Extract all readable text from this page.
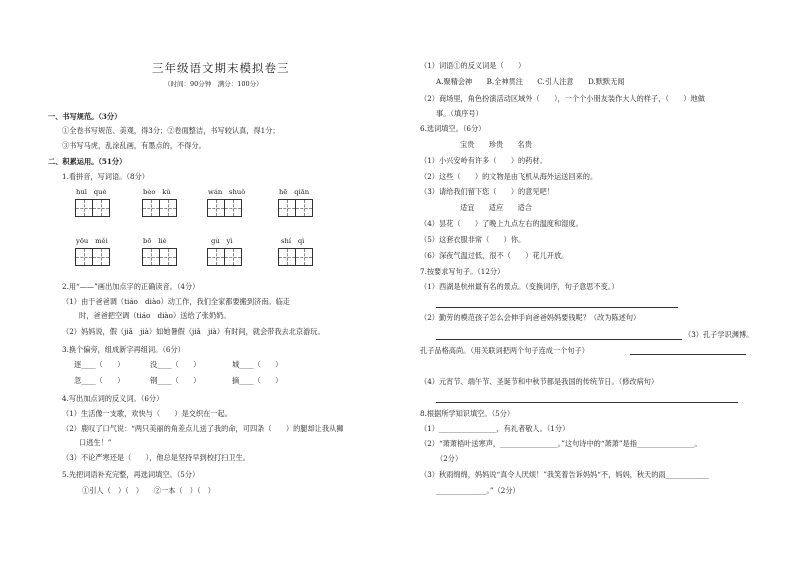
三年级语文期末模拟卷三
（时间：90分钟　满分：100分）
一、书写规范。（3分）
①全卷书写规范、美观，得3分；②卷面整洁，书写较认真，得1分；
③书写马虎，乱涂乱画，有墨点的，不得分。
二、积累运用。（51分）
1.看拼音，写词语。（8分）
huī　què	bèo　kǔ	wán　shuǒ	hē　qiān
yōu　měi	bō　liè	gù　yì	shí　qì
2.用“——”画出加点字的正确读音。（4分）
（1）由于爸爸调（tiáo　diào）动工作，我们全家都要搬到济南。临走
时，爸爸把空调（tiáo　diào）送给了张奶奶。
（2）妈妈说，假（jiǎ　jià）如她暑假（jiǎ　jià）有时间，就会带我去北京游玩。
3.换个偏旁，组成新字再组词。（6分）
逐____（　　）	没____（　　）	城____（　　）
忽____（　　）	钢____（　　）	摘____（　　）
4.写出加点词的反义词。（6分）
（1）生活像一支歌，欢快与（　　）是交织在一起。
（2）鹿叹了口气说：“两只美丽的角差点儿送了我的命，可四条（　　）的腿却让我从狮
口逃生！”
（3）不论严寒还是（　　），他总是坚持早到校打扫卫生。
5.先把词语补充完整，再选词填空。（5分）
①引人（　）（　）　　②一本（　）（　）
（1）词语①的反义词是（　　）
A.聚精会神　　B.全神贯注　　C.引人注意　　D.默默无闻
（2）商场里，角色扮演活动区域外（　　），一个个小朋友装作大人的样子，（　　）地做
事。（填序号）
6.选词填空。（6分）
宝贵　　珍贵　　名贵
（1）小兴安岭有许多（　　）的药材。
（2）这些（　　）的文物是由飞机从海外运送回来的。
（3）请给我们留下您（　　）的意见吧！
适宜　　适应　　适合
（4）昙花（　　）了晚上九点左右的温度和湿度。
（5）这套衣服非常（　　）你。
（6）深夜气温过低，很不（　　）花儿开放。
7.按要求写句子。（12分）
（1）西湖是杭州最有名的景点。（变换词序，句子意思不变。）
（2）勤劳的模范孩子怎么会伸手向爸爸妈妈要钱呢？（改为陈述句）
（3）孔子学识渊博。
孔子品格高尚。（用关联词把两个句子连成一个句子）
（4）元宵节、端午节、圣诞节和中秋节都是我国的传统节日。（修改病句）
8.根据所学知识填空。（5分）
（1）________________，有礼者敬人。（1分）
（2）“萧萧梧叶送寒声，________________。”这句诗中的“萧萧”是指________________。
（2分）
（3）秋雨绵绵，妈妈说“真令人厌烦！”我笑着告诉妈妈“不，妈妈，秋天的雨____________
______________。”（2分）
